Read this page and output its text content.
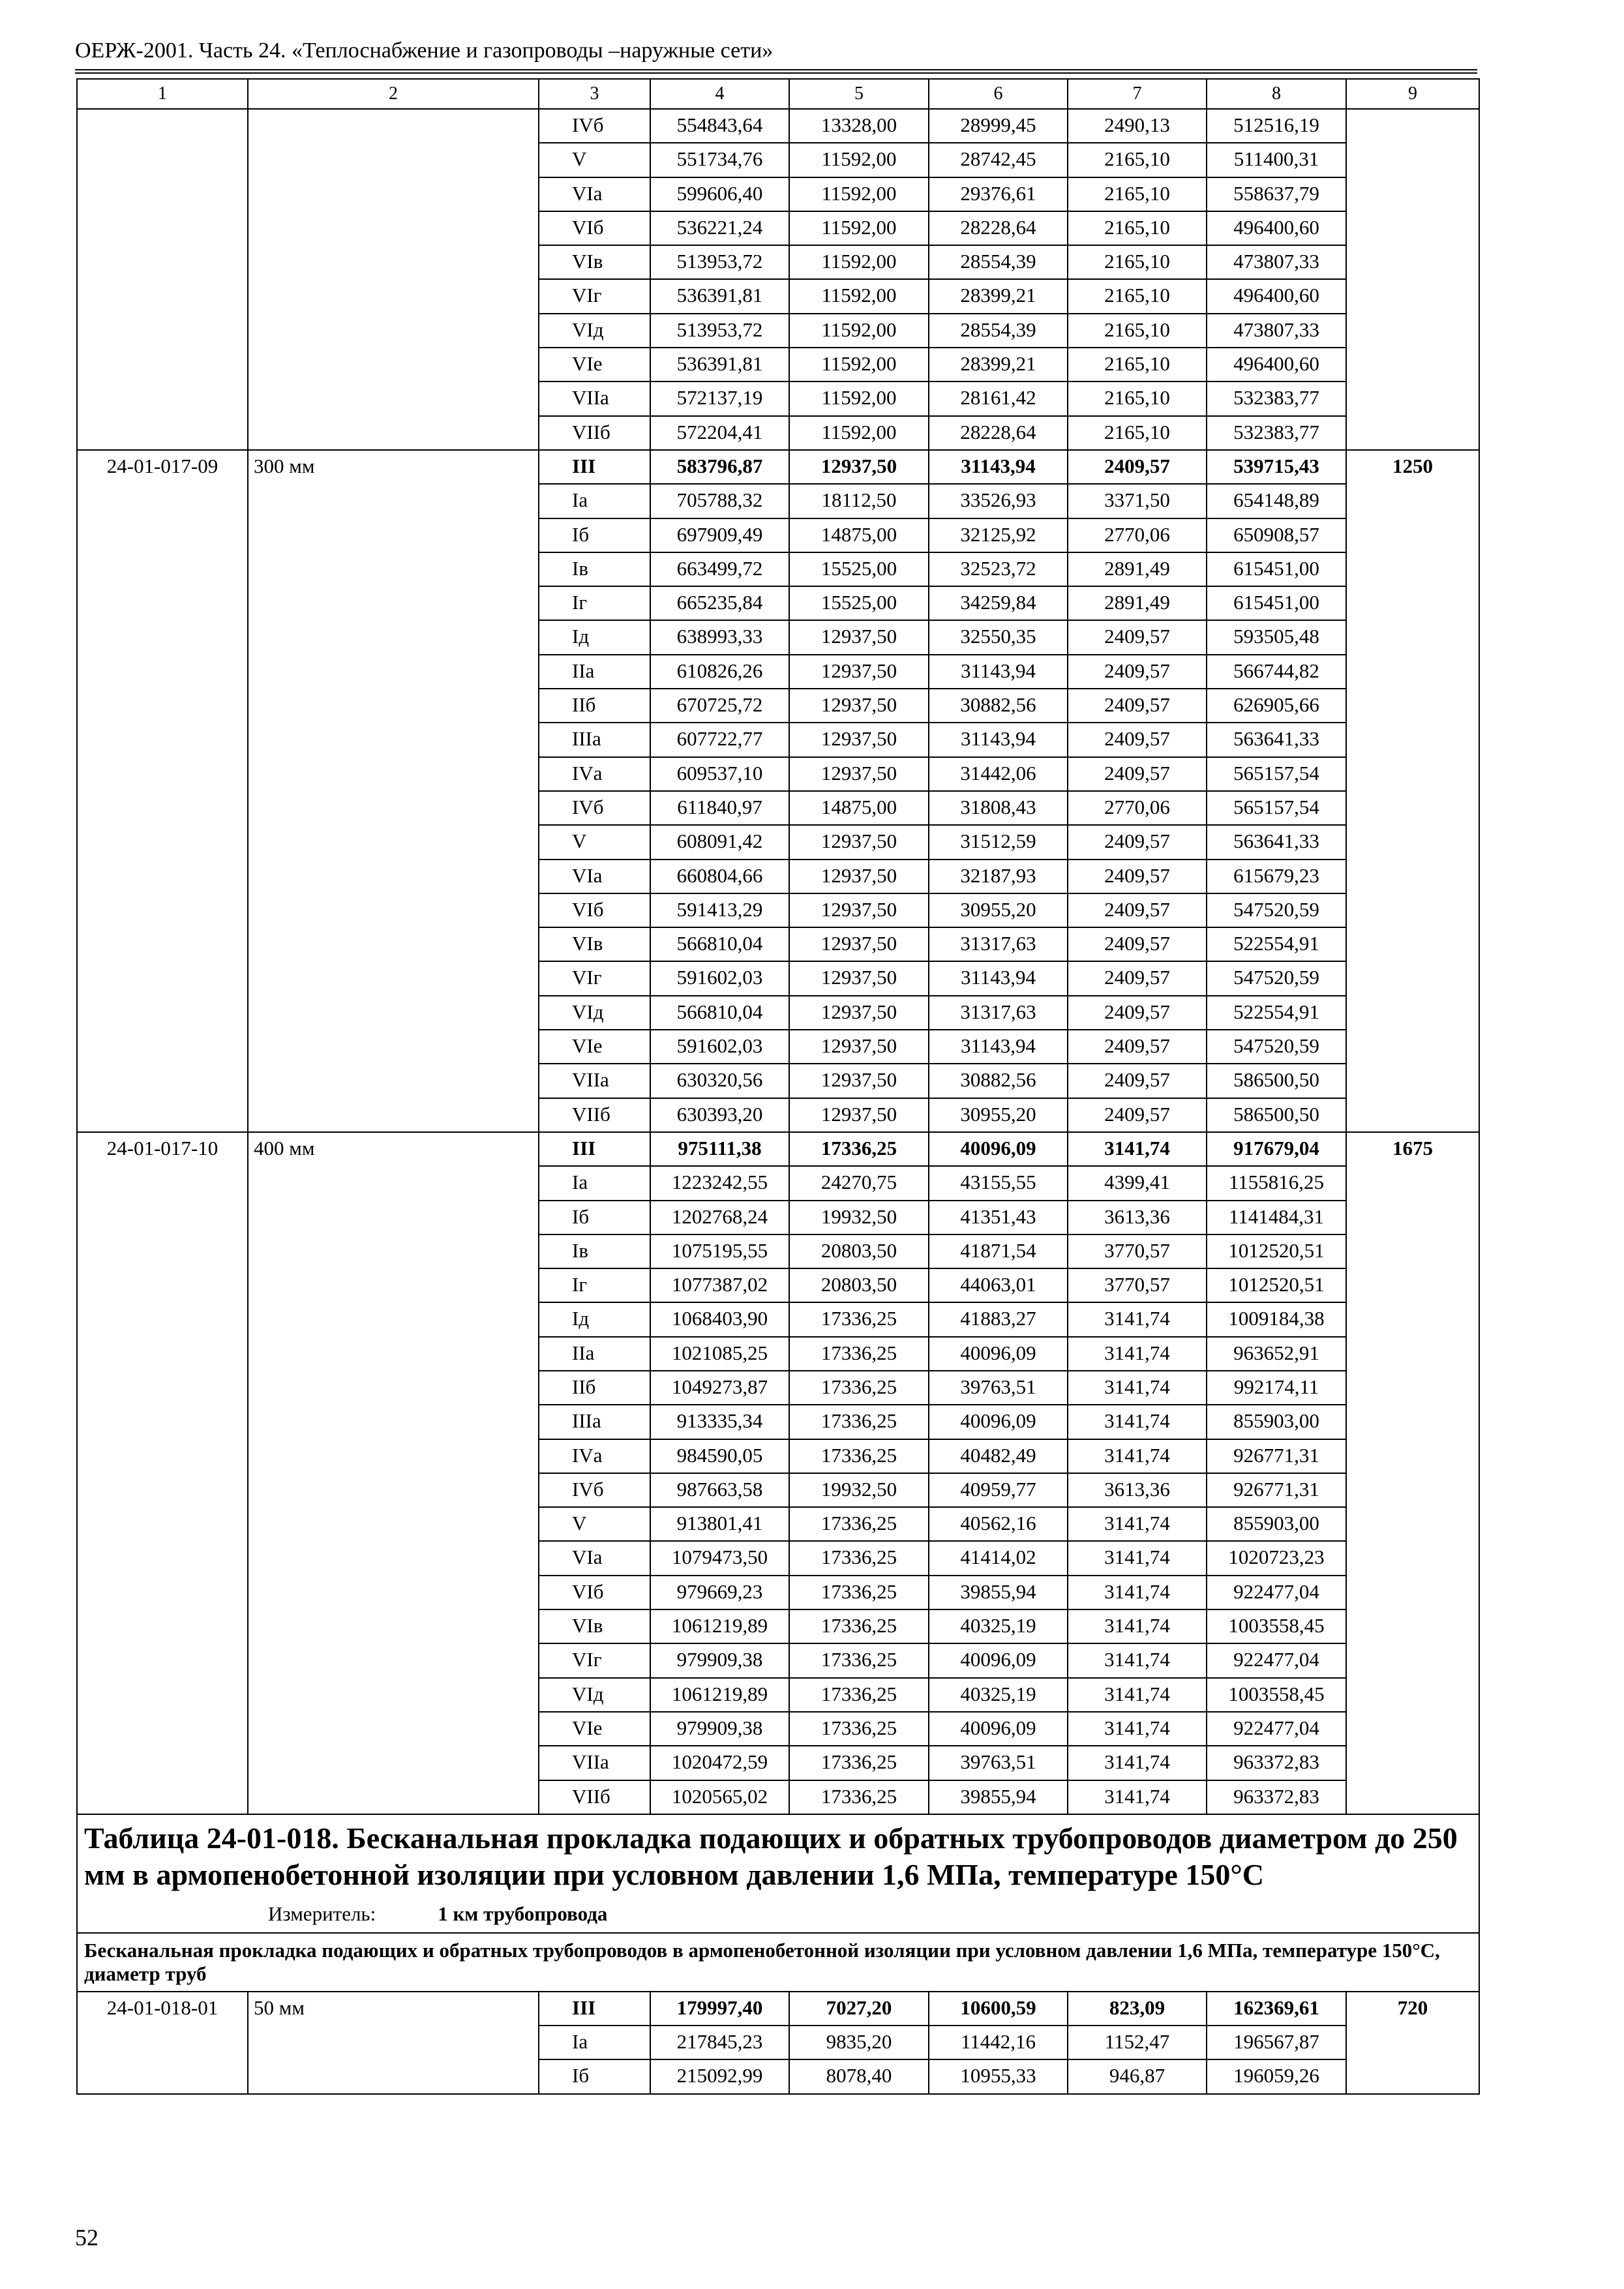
ОЕРЖ-2001. Часть 24. «Теплоснабжение и газопроводы –наружные сети»
1	2	3	4	5	6	7	8	9
		IVб	554843,64	13328,00	28999,45	2490,13	512516,19	
		V	551734,76	11592,00	28742,45	2165,10	511400,31	
		VIа	599606,40	11592,00	29376,61	2165,10	558637,79	
		VIб	536221,24	11592,00	28228,64	2165,10	496400,60	
		VIв	513953,72	11592,00	28554,39	2165,10	473807,33	
		VIг	536391,81	11592,00	28399,21	2165,10	496400,60	
		VIд	513953,72	11592,00	28554,39	2165,10	473807,33	
		VIе	536391,81	11592,00	28399,21	2165,10	496400,60	
		VIIа	572137,19	11592,00	28161,42	2165,10	532383,77	
		VIIб	572204,41	11592,00	28228,64	2165,10	532383,77	
24-01-017-09	300 мм	III	583796,87	12937,50	31143,94	2409,57	539715,43	1250
		Iа	705788,32	18112,50	33526,93	3371,50	654148,89	
		Iб	697909,49	14875,00	32125,92	2770,06	650908,57	
		Iв	663499,72	15525,00	32523,72	2891,49	615451,00	
		Iг	665235,84	15525,00	34259,84	2891,49	615451,00	
		Iд	638993,33	12937,50	32550,35	2409,57	593505,48	
		IIа	610826,26	12937,50	31143,94	2409,57	566744,82	
		IIб	670725,72	12937,50	30882,56	2409,57	626905,66	
		IIIа	607722,77	12937,50	31143,94	2409,57	563641,33	
		IVа	609537,10	12937,50	31442,06	2409,57	565157,54	
		IVб	611840,97	14875,00	31808,43	2770,06	565157,54	
		V	608091,42	12937,50	31512,59	2409,57	563641,33	
		VIа	660804,66	12937,50	32187,93	2409,57	615679,23	
		VIб	591413,29	12937,50	30955,20	2409,57	547520,59	
		VIв	566810,04	12937,50	31317,63	2409,57	522554,91	
		VIг	591602,03	12937,50	31143,94	2409,57	547520,59	
		VIд	566810,04	12937,50	31317,63	2409,57	522554,91	
		VIе	591602,03	12937,50	31143,94	2409,57	547520,59	
		VIIа	630320,56	12937,50	30882,56	2409,57	586500,50	
		VIIб	630393,20	12937,50	30955,20	2409,57	586500,50	
24-01-017-10	400 мм	III	975111,38	17336,25	40096,09	3141,74	917679,04	1675
		Iа	1223242,55	24270,75	43155,55	4399,41	1155816,25	
		Iб	1202768,24	19932,50	41351,43	3613,36	1141484,31	
		Iв	1075195,55	20803,50	41871,54	3770,57	1012520,51	
		Iг	1077387,02	20803,50	44063,01	3770,57	1012520,51	
		Iд	1068403,90	17336,25	41883,27	3141,74	1009184,38	
		IIа	1021085,25	17336,25	40096,09	3141,74	963652,91	
		IIб	1049273,87	17336,25	39763,51	3141,74	992174,11	
		IIIа	913335,34	17336,25	40096,09	3141,74	855903,00	
		IVа	984590,05	17336,25	40482,49	3141,74	926771,31	
		IVб	987663,58	19932,50	40959,77	3613,36	926771,31	
		V	913801,41	17336,25	40562,16	3141,74	855903,00	
		VIа	1079473,50	17336,25	41414,02	3141,74	1020723,23	
		VIб	979669,23	17336,25	39855,94	3141,74	922477,04	
		VIв	1061219,89	17336,25	40325,19	3141,74	1003558,45	
		VIг	979909,38	17336,25	40096,09	3141,74	922477,04	
		VIд	1061219,89	17336,25	40325,19	3141,74	1003558,45	
		VIе	979909,38	17336,25	40096,09	3141,74	922477,04	
		VIIа	1020472,59	17336,25	39763,51	3141,74	963372,83	
		VIIб	1020565,02	17336,25	39855,94	3141,74	963372,83	

Таблица 24-01-018. Бесканальная прокладка подающих и обратных трубопроводов диаметром до 250 мм в армопенобетонной изоляции при условном давлении 1,6 МПа, температуре 150°С
Измеритель: 1 км трубопровода								

Бесканальная прокладка подающих и обратных трубопроводов в армопенобетонной изоляции при условном давлении 1,6 МПа, температуре 150°С, диаметр труб								
24-01-018-01	50 мм	III	179997,40	7027,20	10600,59	823,09	162369,61	720
		Iа	217845,23	9835,20	11442,16	1152,47	196567,87	
		Iб	215092,99	8078,40	10955,33	946,87	196059,26	
52
